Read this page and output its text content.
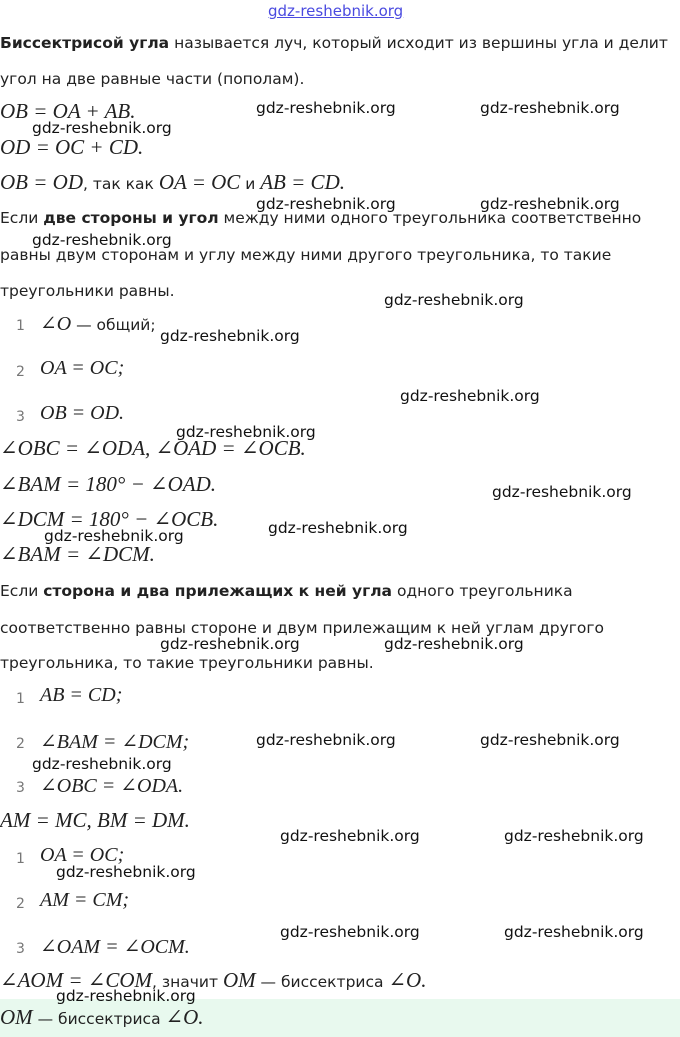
gdz-reshebnik.org
Биссектрисой угла называется луч, который исходит из вершины угла и делит
угол на две равные части (пополам).
OB = OA + AB.
OD = OC + CD.
OB = OD, так как OA = OC и AB = CD.
Если две стороны и угол между ними одного треугольника соответственно
равны двум сторонам и углу между ними другого треугольника, то такие
треугольники равны.
1 ∠O — общий;
2 OA = OC;
3 OB = OD.
∠OBC = ∠ODA, ∠OAD = ∠OCB.
∠BAM = 180° − ∠OAD.
∠DCM = 180° − ∠OCB.
∠BAM = ∠DCM.
Если сторона и два прилежащих к ней угла одного треугольника
соответственно равны стороне и двум прилежащим к ней углам другого
треугольника, то такие треугольники равны.
1 AB = CD;
2 ∠BAM = ∠DCM;
3 ∠OBC = ∠ODA.
AM = MC, BM = DM.
1 OA = OC;
2 AM = CM;
3 ∠OAM = ∠OCM.
∠AOM = ∠COM, значит OM — биссектриса ∠O.
OM — биссектриса ∠O.
gdz-reshebnik.org	gdz-reshebnik.org
gdz-reshebnik.org
gdz-reshebnik.org	gdz-reshebnik.org
gdz-reshebnik.org
gdz-reshebnik.org
gdz-reshebnik.org
gdz-reshebnik.org
gdz-reshebnik.org
gdz-reshebnik.org
gdz-reshebnik.org
gdz-reshebnik.org
gdz-reshebnik.org	gdz-reshebnik.org
gdz-reshebnik.org	gdz-reshebnik.org
gdz-reshebnik.org
gdz-reshebnik.org	gdz-reshebnik.org
gdz-reshebnik.org
gdz-reshebnik.org	gdz-reshebnik.org
gdz-reshebnik.org
